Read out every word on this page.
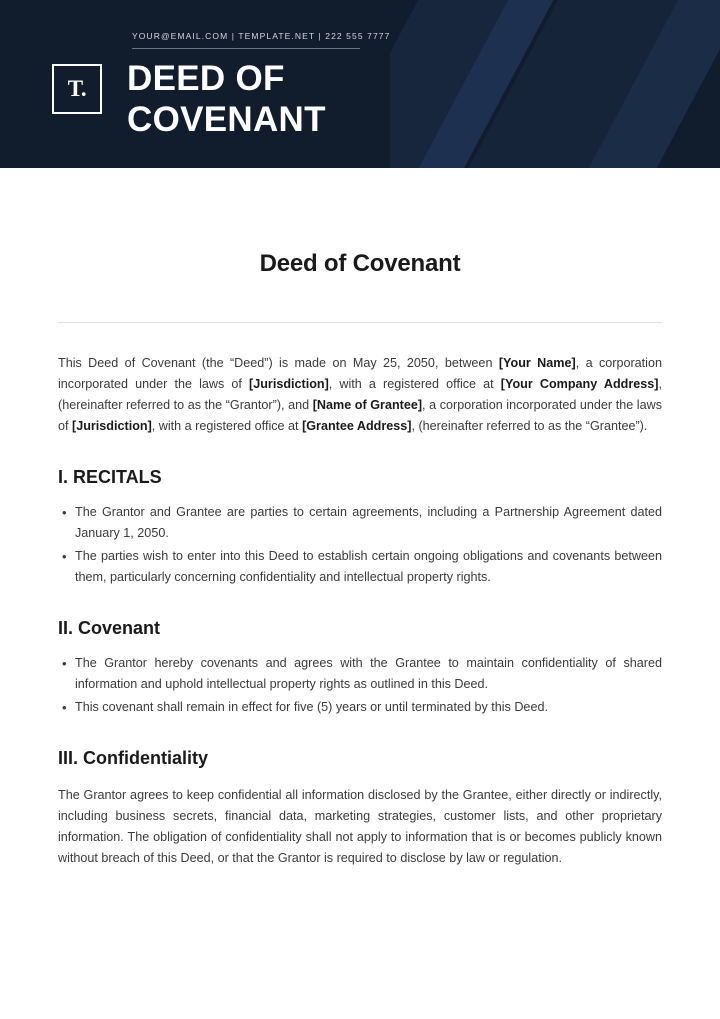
YOUR@EMAIL.COM | TEMPLATE.NET | 222 555 7777
T. DEED OF
COVENANT
Deed of Covenant

This Deed of Covenant (the “Deed”) is made on May 25, 2050, between [Your Name], a corporation incorporated under the laws of [Jurisdiction], with a registered office at [Your Company Address], (hereinafter referred to as the “Grantor”), and [Name of Grantee], a corporation incorporated under the laws of [Jurisdiction], with a registered office at [Grantee Address], (hereinafter referred to as the “Grantee”).

I. RECITALS
• The Grantor and Grantee are parties to certain agreements, including a Partnership Agreement dated January 1, 2050.
• The parties wish to enter into this Deed to establish certain ongoing obligations and covenants between them, particularly concerning confidentiality and intellectual property rights.
II. Covenant
• The Grantor hereby covenants and agrees with the Grantee to maintain confidentiality of shared information and uphold intellectual property rights as outlined in this Deed.
• This covenant shall remain in effect for five (5) years or until terminated by this Deed.
III. Confidentiality

The Grantor agrees to keep confidential all information disclosed by the Grantee, either directly or indirectly, including business secrets, financial data, marketing strategies, customer lists, and other proprietary information. The obligation of confidentiality shall not apply to information that is or becomes publicly known without breach of this Deed, or that the Grantor is required to disclose by law or regulation.
